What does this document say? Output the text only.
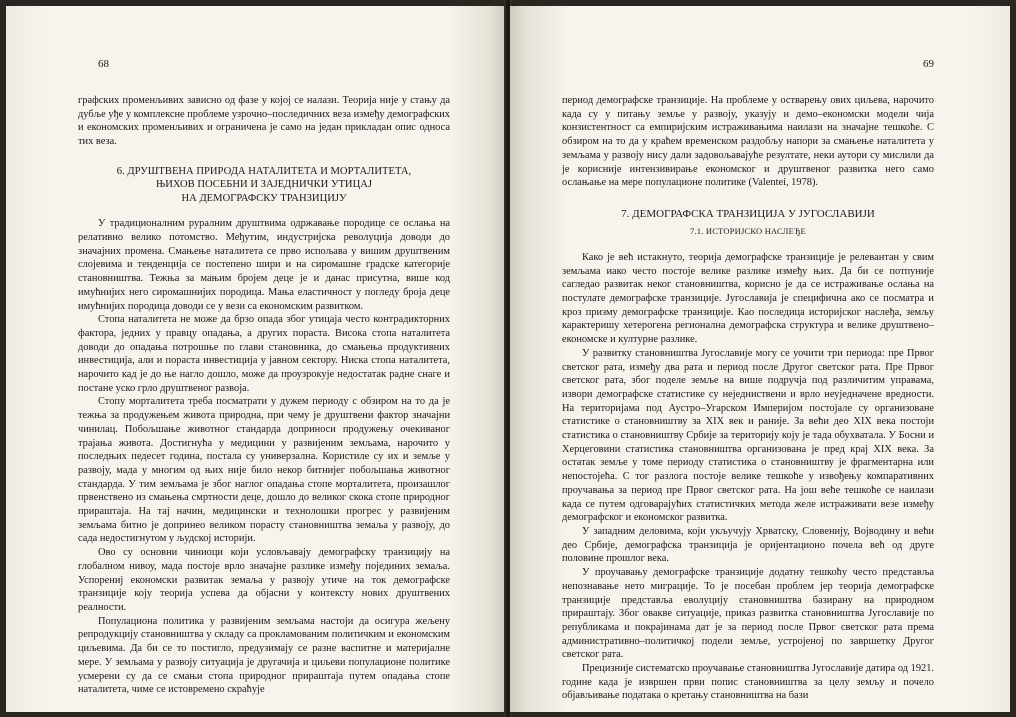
68

графских променљивих зависно од фазе у којој се налази. Теорија није у стању да дубље уђе у комплексне проблеме узрочно–последичних веза између демографских и економских променљивих и ограничена је само на један прикладан опис односа тих веза.

6. ДРУШТВЕНА ПРИРОДА НАТАЛИТЕТА И МОРТАЛИТЕТА,
ЊИХОВ ПОСЕБНИ И ЗАЈЕДНИЧКИ УТИЦАЈ
НА ДЕМОГРАФСКУ ТРАНЗИЦИЈУ

У традиционалним руралним друштвима одржавање породице се ослања на релативно велико потомство. Међутим, индустријска револуција доводи до значајних промена. Смањење наталитета се прво испољава у вишим друштвеним слојевима и тенденција се постепено шири и на сиромашне градске категорије становништва. Тежња за мањим бројем деце је и данас присутна, више код имућнијих него сиромашнијих породица. Мања еластичност у погледу броја деце имућнијих породица доводи се у вези са економским развитком.

Стопа наталитета не може да брзо опада због утицаја често контрадикторних фактора, једних у правцу опадања, а других пораста. Висока стопа наталитета доводи до опадања потрошње по глави становника, до смањења продуктивних инвестиција, али и пораста инвестиција у јавном сектору. Ниска стопа наталитета, нарочито кад је до ње нагло дошло, може да проузрокује недостатак радне снаге и постане уско грло друштвеног развоја.

Стопу морталитета треба посматрати у дужем периоду с обзиром на то да је тежња за продужењем живота природна, при чему је друштвени фактор значајни чинилац. Побољшање животног стандарда доприноси продужењу очекиваног трајања живота. Достигнућа у медицини у развијеним земљама, нарочито у последњих педесет година, постала су универзална. Користиле су их и земље у развоју, мада у многим од њих није било некор битнијег побољшања животног стандарда. У тим земљама је због наглог опадања стопе морталитета, произашлог првенствено из смањења смртности деце, дошло до великог скока стопе природног прираштаја. На тај начин, медицински и технолошки прогрес у развијеним земљама битно је допринео великом порасту становништва земаља у развоју, до сада недостигнутом у људској историји.

Ово су основни чиниоци који условљавају демографску транзицију на глобалном нивоу, мада постоје врло значајне разлике између појединих земаља. Успорениј економски развитак земаља у развоју утиче на ток демографске транзиције коју теорија успева да објасни у контексту нових друштвених реалности.

Популациона политика у развијеним земљама настоји да осигура жељену репродукцију становништва у складу са прокламованим политичким и економским циљевима. Да би се то постигло, предузимају се разне васпитне и материјалне мере. У земљама у развоју ситуација је другачија и циљеви популационе политике усмерени су да се смањи стопа природног прираштаја путем опадања стопе наталитета, чиме се истовремено скраћује

69

период демографске транзиције. На проблеме у остварењу ових циљева, нарочито када су у питању земље у развоју, указују и демо–економски модели чија конзистентност са емпиријским истраживањима наилази на значајне тешкоће. С обзиром на то да у краћем временском раздобљу напори за смањење наталитета у земљама у развоју нису дали задовољавајуће резултате, неки аутори су мислили да је корисније интензивирање економског и друштвеног развитка него само ослањање на мере популационе политике (Valentei, 1978).

7. ДЕМОГРАФСКА ТРАНЗИЦИЈА У ЈУГОСЛАВИЈИ
7.1. ИСТОРИЈСКО НАСЛЕЂЕ

Како је већ истакнуто, теорија демографске транзиције је релевантан у свим земљама иако често постоје велике разлике између њих. Да би се потпуније сагледао развитак неког становништва, корисно је да се истраживање ослања на постулате демографске транзиције. Југославија је специфична ако се посматра и кроз призму демографске транзиције. Као последица историјског наслеђа, земљу карактеришу хетерогена регионална демографска структура и велике друштвено–економске и културне разлике.

У развитку становништва Југославије могу се уочити три периода: пре Првог светског рата, између два рата и период после Другог светског рата. Пре Првог светског рата, због поделе земље на више подручја под различитим управама, извори демографске статистике су неједниствени и врло неуједначене вредности. На територијама под Аустро–Угарском Империјом постојале су организоване статистике о становништву за XIX век и раније. За већи део XIX века постоји статистика о становништву Србије за територију коју је тада обухватала. У Босни и Херцеговини статистика становништва организована је пред крај XIX века. За остатак земље у томе периоду статистика о становништву је фрагментарна или непостојећа. С тог разлога постоје велике тешкоће у извођењу компаративних проучавања за период пре Првог светског рата. На још веће тешкоће се наилази када се путем одговарајућих статистичких метода желе истраживати везе између демографског и економског развитка.

У западним деловима, који укључују Хрватску, Словенију, Војводину и већи део Србије, демографска транзиција је оријентационо почела већ од друге половине прошлог века.

У проучавању демографске транзиције додатну тешкоћу често представља непознавање нето миграције. То је посебан проблем јер теорија демографске транзиције представља еволуцију становништва базирану на природном прираштају. Због овакве ситуације, приказ развитка становништва Југославије по републикама и покрајинама дат је за период после Првог светског рата према административно–политичкој подели земље, устројеној по завршетку Другог светског рата.

Прецизније систематско проучавање становништва Југославије датира од 1921. године када је извршен први попис становништва за целу земљу и почело објављивање података о кретању становништва на бази
